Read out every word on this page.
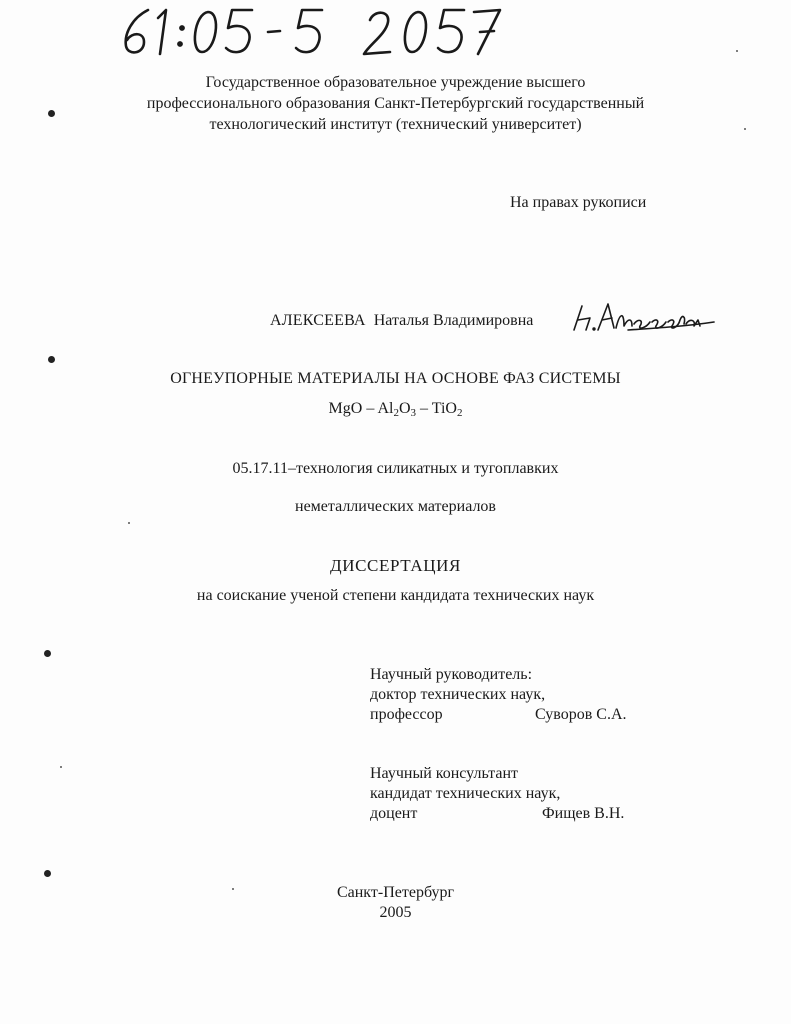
Государственное образовательное учреждение высшего
профессионального образования Санкт-Петербургский государственный
технологический институт (технический университет)
На правах рукописи
АЛЕКСЕЕВА Наталья Владимировна
ОГНЕУПОРНЫЕ МАТЕРИАЛЫ НА ОСНОВЕ ФАЗ СИСТЕМЫ
MgO – $Al_2O_3 - TiO_2$
05.17.11–технология силикатных и тугоплавких
неметаллических материалов
ДИССЕРТАЦИЯ
на соискание ученой степени кандидата технических наук
Научный руководитель:
доктор технических наук,
профессор	Суворов С.А.
Научный консультант
кандидат технических наук,
доцент	Фищев В.Н.
Санкт-Петербург
2005
